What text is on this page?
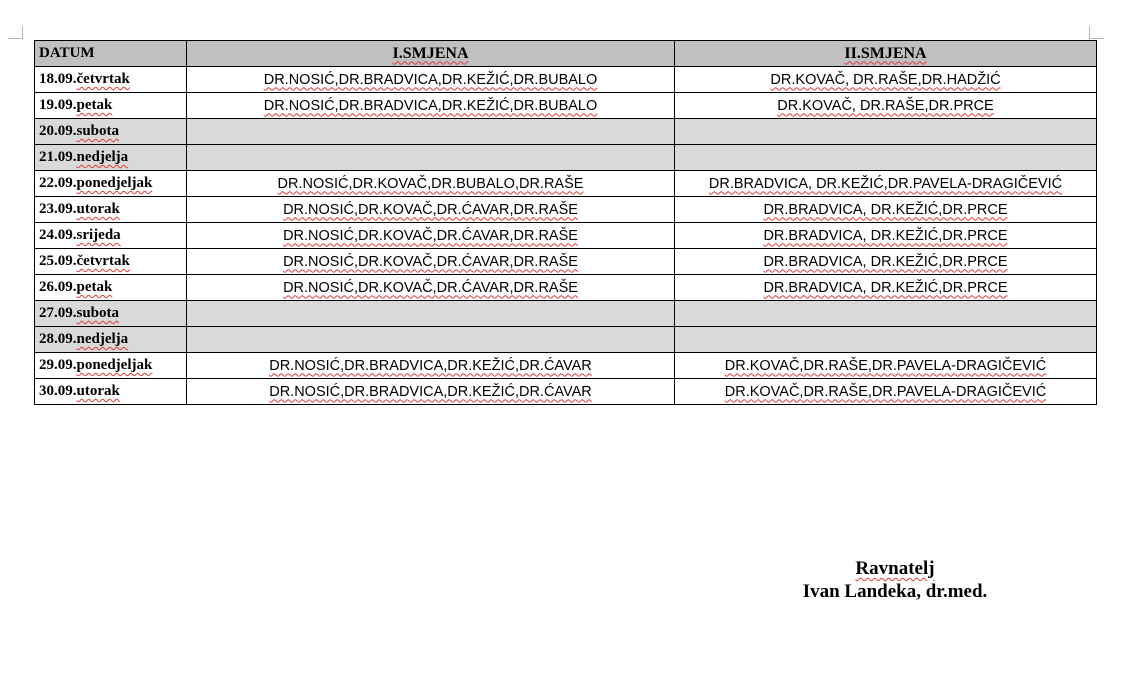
DATUM	I.SMJENA	II.SMJENA
18.09.četvrtak	DR.NOSIĆ,DR.BRADVICA,DR.KEŽIĆ,DR.BUBALO	DR.KOVAČ, DR.RAŠE,DR.HADŽIĆ
19.09.petak	DR.NOSIĆ,DR.BRADVICA,DR.KEŽIĆ,DR.BUBALO	DR.KOVAČ, DR.RAŠE,DR.PRCE
20.09.subota		
21.09.nedjelja		
22.09.ponedjeljak	DR.NOSIĆ,DR.KOVAČ,DR.BUBALO,DR.RAŠE	DR.BRADVICA, DR.KEŽIĆ,DR.PAVELA-DRAGIČEVIĆ
23.09.utorak	DR.NOSIĆ,DR.KOVAČ,DR.ĆAVAR,DR.RAŠE	DR.BRADVICA, DR.KEŽIĆ,DR.PRCE
24.09.srijeda	DR.NOSIĆ,DR.KOVAČ,DR.ĆAVAR,DR.RAŠE	DR.BRADVICA, DR.KEŽIĆ,DR.PRCE
25.09.četvrtak	DR.NOSIĆ,DR.KOVAČ,DR.ĆAVAR,DR.RAŠE	DR.BRADVICA, DR.KEŽIĆ,DR.PRCE
26.09.petak	DR.NOSIĆ,DR.KOVAČ,DR.ĆAVAR,DR.RAŠE	DR.BRADVICA, DR.KEŽIĆ,DR.PRCE
27.09.subota		
28.09.nedjelja		
29.09.ponedjeljak	DR.NOSIĆ,DR.BRADVICA,DR.KEŽIĆ,DR.ĆAVAR	DR.KOVAČ,DR.RAŠE,DR.PAVELA-DRAGIČEVIĆ
30.09.utorak	DR.NOSIĆ,DR.BRADVICA,DR.KEŽIĆ,DR.ĆAVAR	DR.KOVAČ,DR.RAŠE,DR.PAVELA-DRAGIČEVIĆ
Ravnatelj
Ivan Landeka, dr.med.
